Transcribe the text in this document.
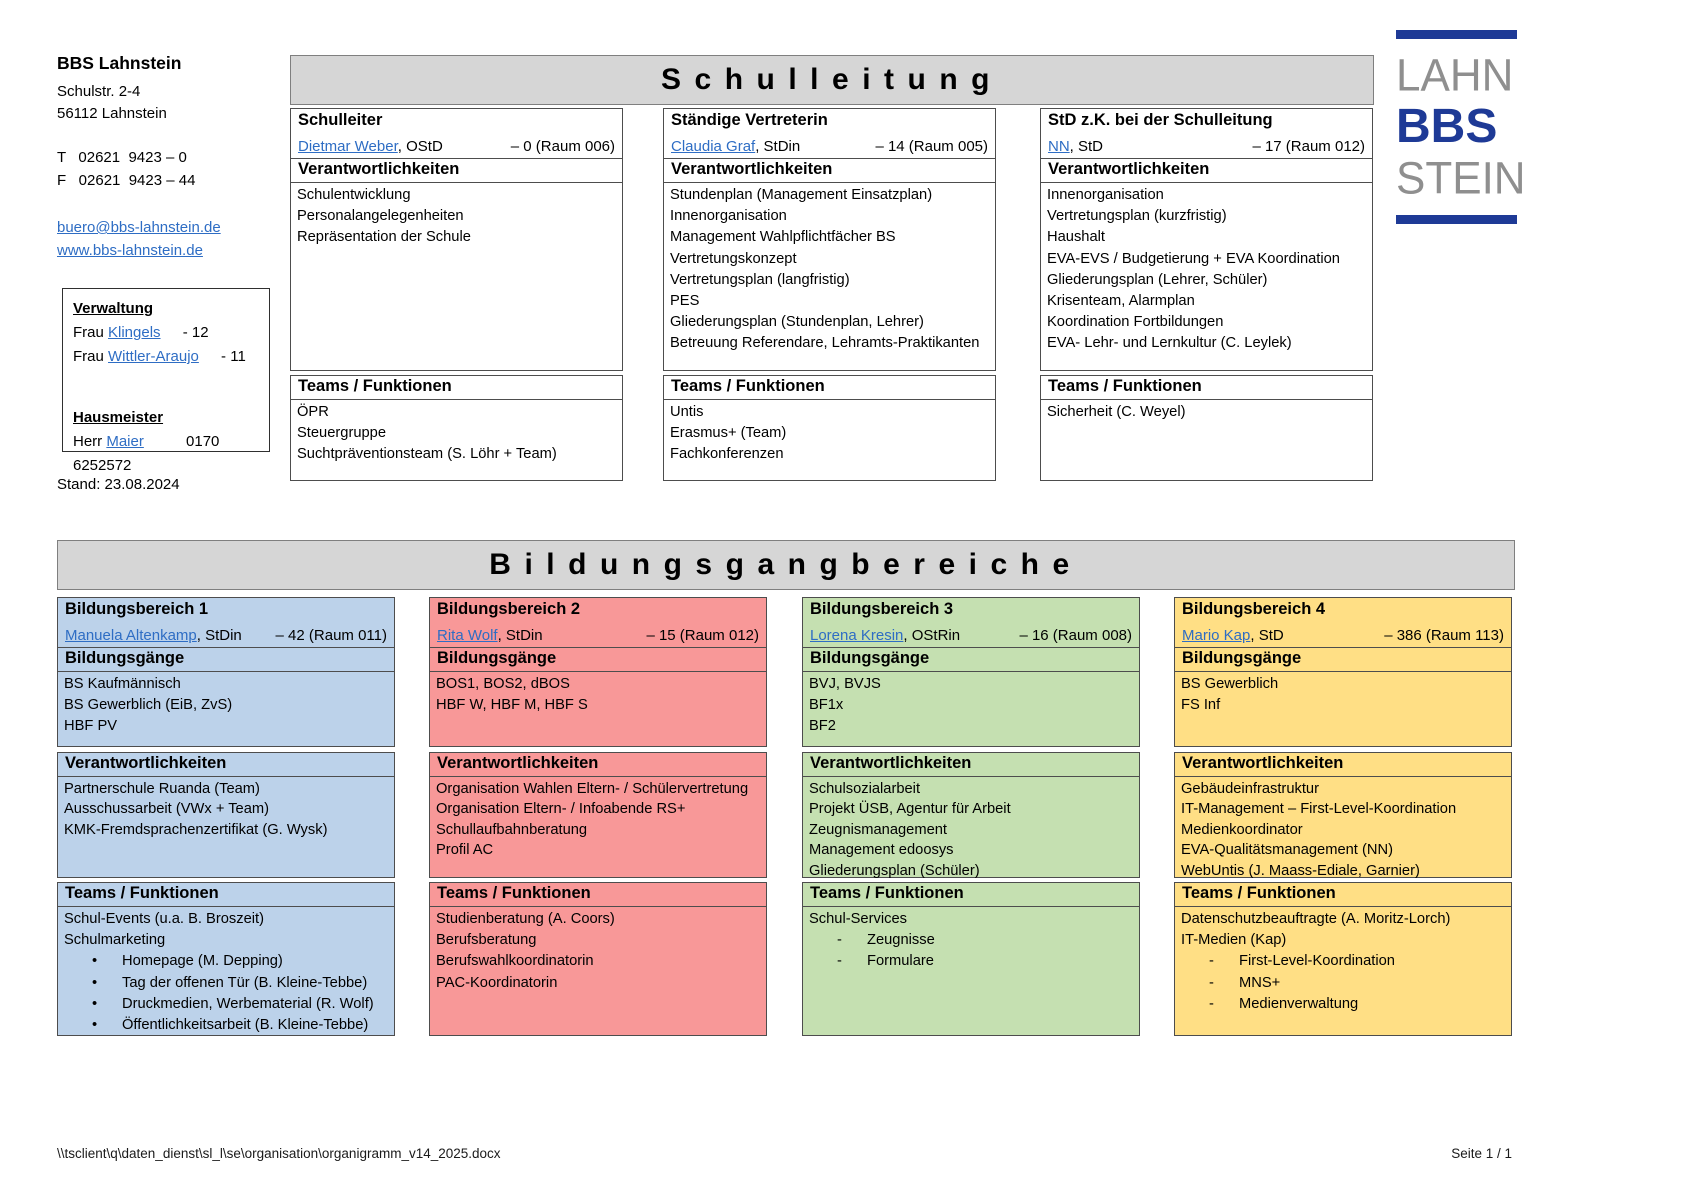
BBS Lahnstein
Schulstr. 2-4
56112 Lahnstein
T   02621  9423 – 0
F   02621  9423 – 44
buero@bbs-lahnstein.de
www.bbs-lahnstein.de
Verwaltung
Frau Klingels - 12
Frau Wittler-Araujo - 11
Hausmeister
Herr Maier	0170 6252572
Stand: 23.08.2024
LAHN
BBS
STEIN
Schulleitung
Schulleiter
Dietmar Weber, OStD	– 0 (Raum 006)
Verantwortlichkeiten
Schulentwicklung
Personalangelegenheiten
Repräsentation der Schule
Teams / Funktionen
ÖPR
Steuergruppe
Suchtpräventionsteam (S. Löhr + Team)
Ständige Vertreterin
Claudia Graf, StDin	– 14 (Raum 005)
Verantwortlichkeiten
Stundenplan (Management Einsatzplan)
Innenorganisation
Management Wahlpflichtfächer BS
Vertretungskonzept
Vertretungsplan (langfristig)
PES
Gliederungsplan (Stundenplan, Lehrer)
Betreuung Referendare, Lehramts-Praktikanten
Teams / Funktionen
Untis
Erasmus+ (Team)
Fachkonferenzen
StD z.K. bei der Schulleitung
NN, StD	– 17 (Raum 012)
Verantwortlichkeiten
Innenorganisation
Vertretungsplan (kurzfristig)
Haushalt
EVA-EVS / Budgetierung + EVA Koordination
Gliederungsplan (Lehrer, Schüler)
Krisenteam, Alarmplan
Koordination Fortbildungen
EVA- Lehr- und Lernkultur (C. Leylek)
Teams / Funktionen
Sicherheit (C. Weyel)
Bildungsgangbereiche
Bildungsbereich 1
Manuela Altenkamp, StDin – 42 (Raum 011)
Bildungsgänge
BS Kaufmännisch
BS Gewerblich (EiB, ZvS)
HBF PV
Verantwortlichkeiten
Partnerschule Ruanda (Team)
Ausschussarbeit (VWx + Team)
KMK-Fremdsprachenzertifikat (G. Wysk)
Teams / Funktionen
Schul-Events (u.a. B. Broszeit)
Schulmarketing
•	Homepage (M. Depping)
•	Tag der offenen Tür (B. Kleine-Tebbe)
•	Druckmedien, Werbematerial (R. Wolf)
•	Öffentlichkeitsarbeit (B. Kleine-Tebbe)
Bildungsbereich 2
Rita Wolf, StDin	– 15 (Raum 012)
Bildungsgänge
BOS1, BOS2, dBOS
HBF W, HBF M, HBF S
Verantwortlichkeiten
Organisation Wahlen Eltern- / Schülervertretung
Organisation Eltern- / Infoabende RS+
Schullaufbahnberatung
Profil AC
Teams / Funktionen
Studienberatung (A. Coors)
Berufsberatung
Berufswahlkoordinatorin
PAC-Koordinatorin
Bildungsbereich 3
Lorena Kresin, OStRin	– 16 (Raum 008)
Bildungsgänge
BVJ, BVJS
BF1x
BF2
Verantwortlichkeiten
Schulsozialarbeit
Projekt ÜSB, Agentur für Arbeit
Zeugnismanagement
Management edoosys
Gliederungsplan (Schüler)
Teams / Funktionen
Schul-Services
-	Zeugnisse
-	Formulare
Bildungsbereich 4
Mario Kap, StD	– 386 (Raum 113)
Bildungsgänge
BS Gewerblich
FS Inf
Verantwortlichkeiten
Gebäudeinfrastruktur
IT-Management – First-Level-Koordination
Medienkoordinator
EVA-Qualitätsmanagement (NN)
WebUntis (J. Maass-Ediale, Garnier)
Teams / Funktionen
Datenschutzbeauftragte (A. Moritz-Lorch)
IT-Medien (Kap)
-	First-Level-Koordination
-	MNS+
-	Medienverwaltung
\\tsclient\q\daten_dienst\sl_l\se\organisation\organigramm_v14_2025.docx	Seite 1 / 1
